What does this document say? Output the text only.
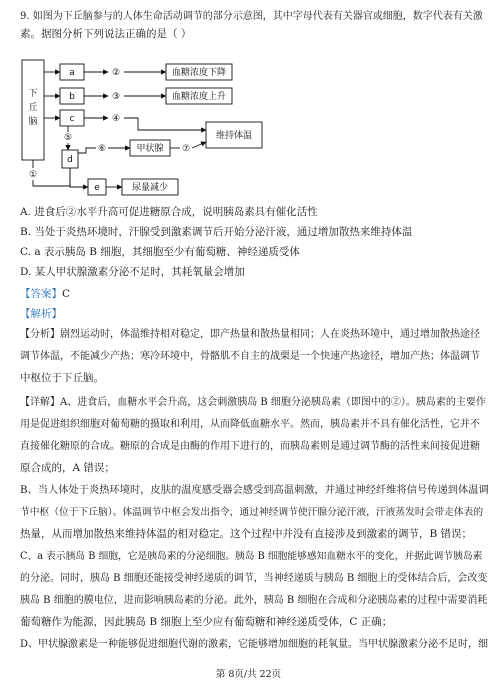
9. 如图为下丘脑参与的人体生命活动调节的部分示意图，其中字母代表有关器官或细胞，数字代表有关激
素。据图分析下列说法正确的是（ ）
下
丘
脑
a	②	血糖浓度下降
b	③	血糖浓度上升
c	④
维持体温
⑤
d
⑥	甲状腺 ⑦
①
e	尿量减少
A. 进食后②水平升高可促进糖原合成，说明胰岛素具有催化活性
B. 当处于炎热环境时，汗腺受到激素调节后开始分泌汗液，通过增加散热来维持体温
C. a 表示胰岛 B 细胞，其细胞至少有葡萄糖、神经递质受体
D. 某人甲状腺激素分泌不足时，其耗氧量会增加
【答案】C
【解析】
【分析】剧烈运动时，体温维持相对稳定，即产热量和散热量相同；人在炎热环境中，通过增加散热途径
调节体温，不能减少产热；寒冷环境中，骨骼肌不自主的战栗是一个快速产热途径，增加产热；体温调节
中枢位于下丘脑。
【详解】A、进食后，血糖水平会升高，这会刺激胰岛 B 细胞分泌胰岛素（即图中的②）。胰岛素的主要作
用是促进组织细胞对葡萄糖的摄取和利用，从而降低血糖水平。然而，胰岛素并不具有催化活性，它并不
直接催化糖原的合成。糖原的合成是由酶的作用下进行的，而胰岛素则是通过调节酶的活性来间接促进糖
原合成的，A 错误；
B、当人体处于炎热环境时，皮肤的温度感受器会感受到高温刺激，并通过神经纤维将信号传递到体温调
节中枢（位于下丘脑）。体温调节中枢会发出指令，通过神经调节使汗腺分泌汗液，汗液蒸发时会带走体表的
热量，从而增加散热来维持体温的相对稳定。这个过程中并没有直接涉及到激素的调节，B 错误；
C、a 表示胰岛 B 细胞，它是胰岛素的分泌细胞。胰岛 B 细胞能够感知血糖水平的变化，并据此调节胰岛素
的分泌。同时，胰岛 B 细胞还能接受神经递质的调节，当神经递质与胰岛 B 细胞上的受体结合后，会改变
胰岛 B 细胞的膜电位，进而影响胰岛素的分泌。此外，胰岛 B 细胞在合成和分泌胰岛素的过程中需要消耗
葡萄糖作为能源，因此胰岛 B 细胞上至少应有葡萄糖和神经递质受体，C 正确；
D、甲状腺激素是一种能够促进细胞代谢的激素，它能够增加细胞的耗氧量。当甲状腺激素分泌不足时，细
第 8页/共 22页
